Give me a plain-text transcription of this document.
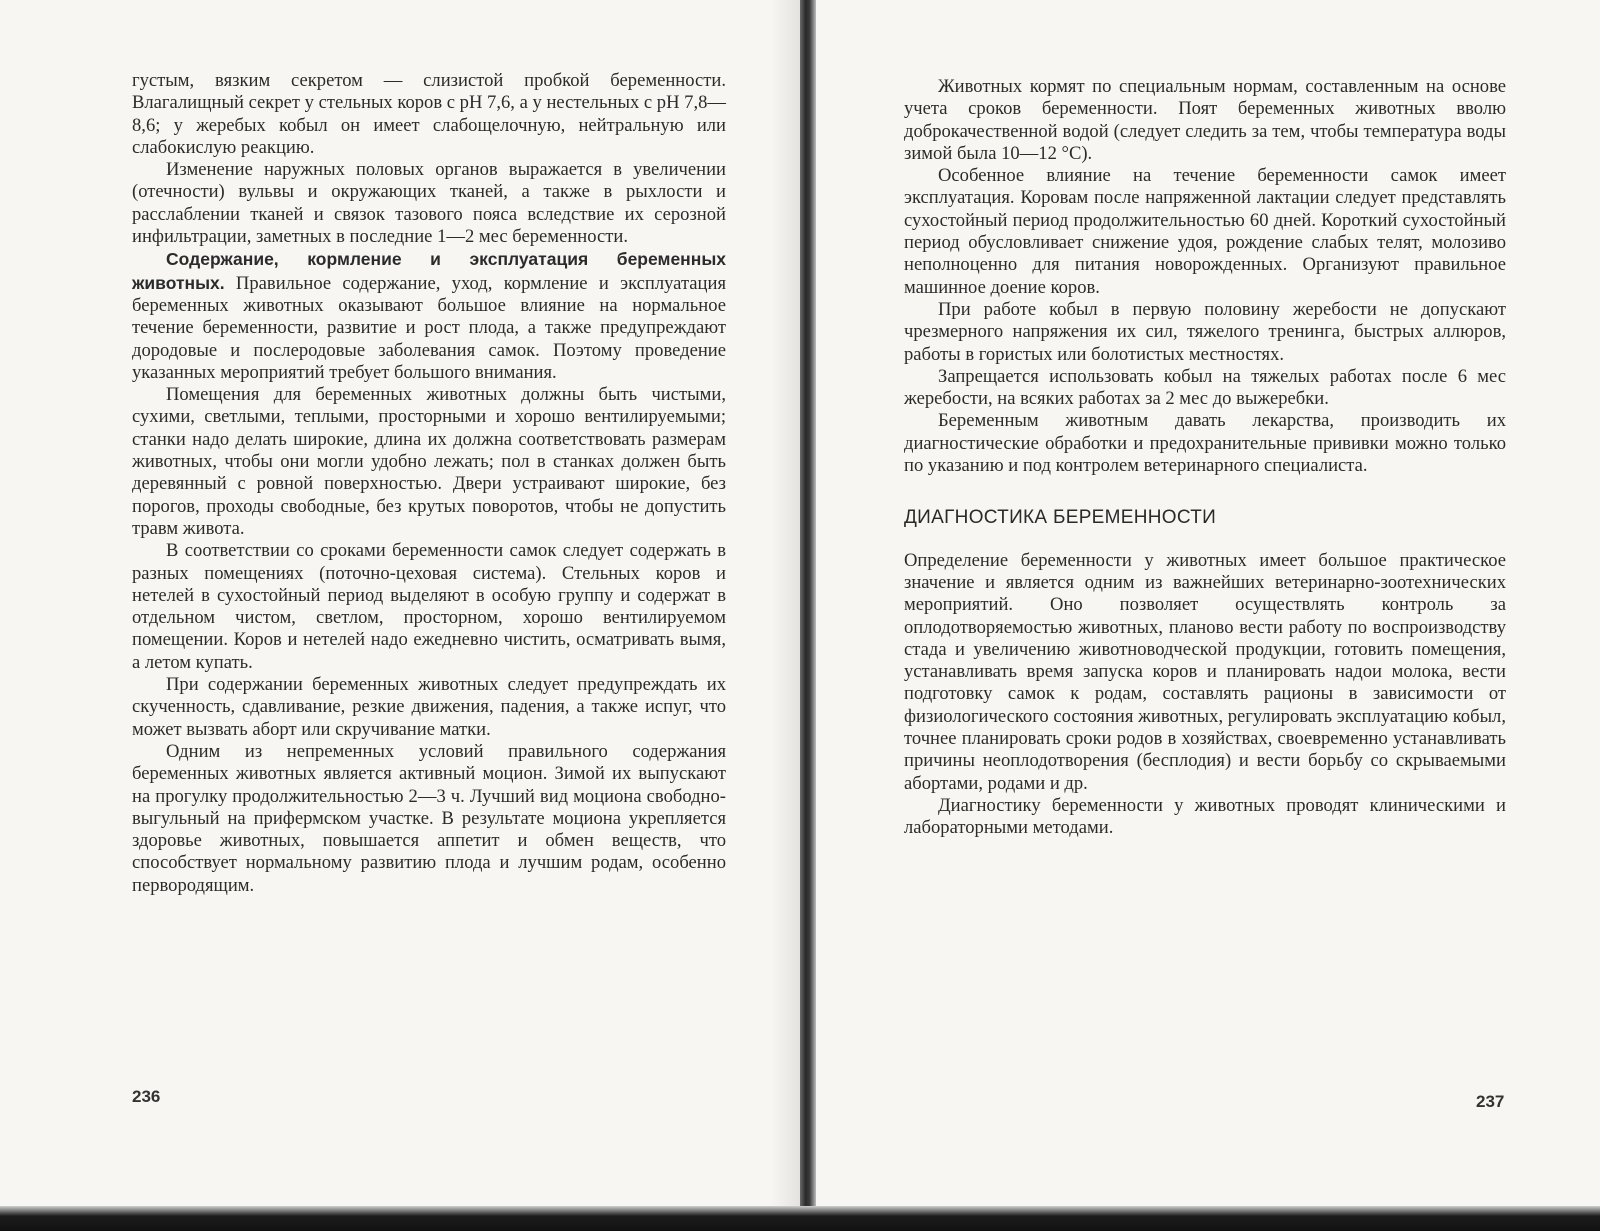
густым, вязким секретом — слизистой пробкой беременности. Влагалищный секрет у стельных коров с pH 7,6, а у нестельных с pH 7,8—8,6; у жеребых кобыл он имеет слабощелочную, нейтральную или слабокислую реакцию.

Изменение наружных половых органов выражается в увеличении (отечности) вульвы и окружающих тканей, а также в рыхлости и расслаблении тканей и связок тазового пояса вследствие их серозной инфильтрации, заметных в последние 1—2 мес беременности.

Содержание, кормление и эксплуатация беременных животных. Правильное содержание, уход, кормление и эксплуатация беременных животных оказывают большое влияние на нормальное течение беременности, развитие и рост плода, а также предупреждают дородовые и послеродовые заболевания самок. Поэтому проведение указанных мероприятий требует большого внимания.

Помещения для беременных животных должны быть чистыми, сухими, светлыми, теплыми, просторными и хорошо вентилируемыми; станки надо делать широкие, длина их должна соответствовать размерам животных, чтобы они могли удобно лежать; пол в станках должен быть деревянный с ровной поверхностью. Двери устраивают широкие, без порогов, проходы свободные, без крутых поворотов, чтобы не допустить травм живота.

В соответствии со сроками беременности самок следует содержать в разных помещениях (поточно-цеховая система). Стельных коров и нетелей в сухостойный период выделяют в особую группу и содержат в отдельном чистом, светлом, просторном, хорошо вентилируемом помещении. Коров и нетелей надо ежедневно чистить, осматривать вымя, а летом купать.

При содержании беременных животных следует предупреждать их скученность, сдавливание, резкие движения, падения, а также испуг, что может вызвать аборт или скручивание матки.

Одним из непременных условий правильного содержания беременных животных является активный моцион. Зимой их выпускают на прогулку продолжительностью 2—3 ч. Лучший вид моциона свободно-выгульный на прифермском участке. В результате моциона укрепляется здоровье животных, повышается аппетит и обмен веществ, что способствует нормальному развитию плода и лучшим родам, особенно первородящим.

236

Животных кормят по специальным нормам, составленным на основе учета сроков беременности. Поят беременных животных вволю доброкачественной водой (следует следить за тем, чтобы температура воды зимой была 10—12 °С).

Особенное влияние на течение беременности самок имеет эксплуатация. Коровам после напряженной лактации следует представлять сухостойный период продолжительностью 60 дней. Короткий сухостойный период обусловливает снижение удоя, рождение слабых телят, молозиво неполноценно для питания новорожденных. Организуют правильное машинное доение коров.

При работе кобыл в первую половину жеребости не допускают чрезмерного напряжения их сил, тяжелого тренинга, быстрых аллюров, работы в гористых или болотистых местностях.

Запрещается использовать кобыл на тяжелых работах после 6 мес жеребости, на всяких работах за 2 мес до выжеребки.

Беременным животным давать лекарства, производить их диагностические обработки и предохранительные прививки можно только по указанию и под контролем ветеринарного специалиста.

ДИАГНОСТИКА БЕРЕМЕННОСТИ

Определение беременности у животных имеет большое практическое значение и является одним из важнейших ветеринарно-зоотехнических мероприятий. Оно позволяет осуществлять контроль за оплодотворяемостью животных, планово вести работу по воспроизводству стада и увеличению животноводческой продукции, готовить помещения, устанавливать время запуска коров и планировать надои молока, вести подготовку самок к родам, составлять рационы в зависимости от физиологического состояния животных, регулировать эксплуатацию кобыл, точнее планировать сроки родов в хозяйствах, своевременно устанавливать причины неоплодотворения (бесплодия) и вести борьбу со скрываемыми абортами, родами и др.

Диагностику беременности у животных проводят клиническими и лабораторными методами.

237
